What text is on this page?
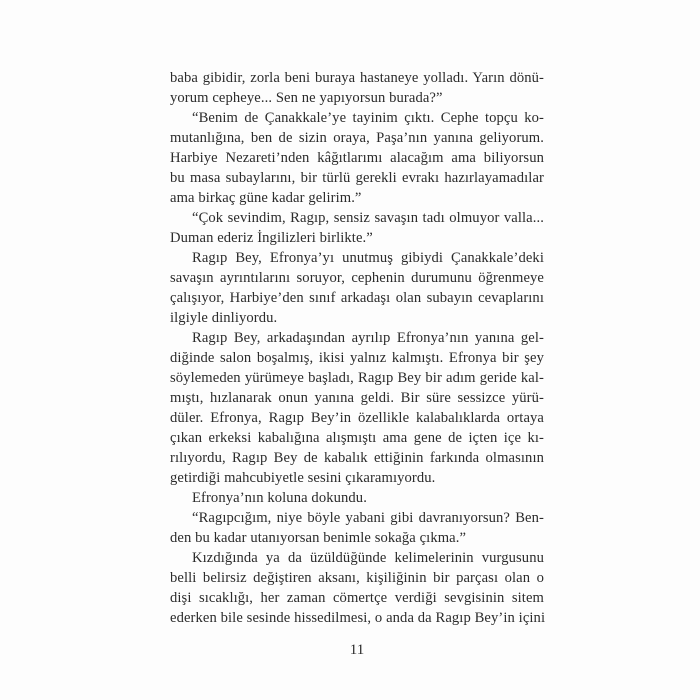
baba gibidir, zorla beni buraya hastaneye yolladı. Yarın dönü-
yorum cepheye... Sen ne yapıyorsun burada?”
“Benim de Çanakkale’ye tayinim çıktı. Cephe topçu ko-
mutanlığına, ben de sizin oraya, Paşa’nın yanına geliyorum.
Harbiye Nezareti’nden kâğıtlarımı alacağım ama biliyorsun
bu masa subaylarını, bir türlü gerekli evrakı hazırlayamadılar
ama birkaç güne kadar gelirim.”
“Çok sevindim, Ragıp, sensiz savaşın tadı olmuyor valla...
Duman ederiz İngilizleri birlikte.”
Ragıp Bey, Efronya’yı unutmuş gibiydi Çanakkale’deki
savaşın ayrıntılarını soruyor, cephenin durumunu öğrenmeye
çalışıyor, Harbiye’den sınıf arkadaşı olan subayın cevaplarını
ilgiyle dinliyordu.
Ragıp Bey, arkadaşından ayrılıp Efronya’nın yanına gel-
diğinde salon boşalmış, ikisi yalnız kalmıştı. Efronya bir şey
söylemeden yürümeye başladı, Ragıp Bey bir adım geride kal-
mıştı, hızlanarak onun yanına geldi. Bir süre sessizce yürü-
düler. Efronya, Ragıp Bey’in özellikle kalabalıklarda ortaya
çıkan erkeksi kabalığına alışmıştı ama gene de içten içe kı-
rılıyordu, Ragıp Bey de kabalık ettiğinin farkında olmasının
getirdiği mahcubiyetle sesini çıkaramıyordu.
Efronya’nın koluna dokundu.
“Ragıpcığım, niye böyle yabani gibi davranıyorsun? Ben-
den bu kadar utanıyorsan benimle sokağa çıkma.”
Kızdığında ya da üzüldüğünde kelimelerinin vurgusunu
belli belirsiz değiştiren aksanı, kişiliğinin bir parçası olan o
dişi sıcaklığı, her zaman cömertçe verdiği sevgisinin sitem
ederken bile sesinde hissedilmesi, o anda da Ragıp Bey’in içini
11
